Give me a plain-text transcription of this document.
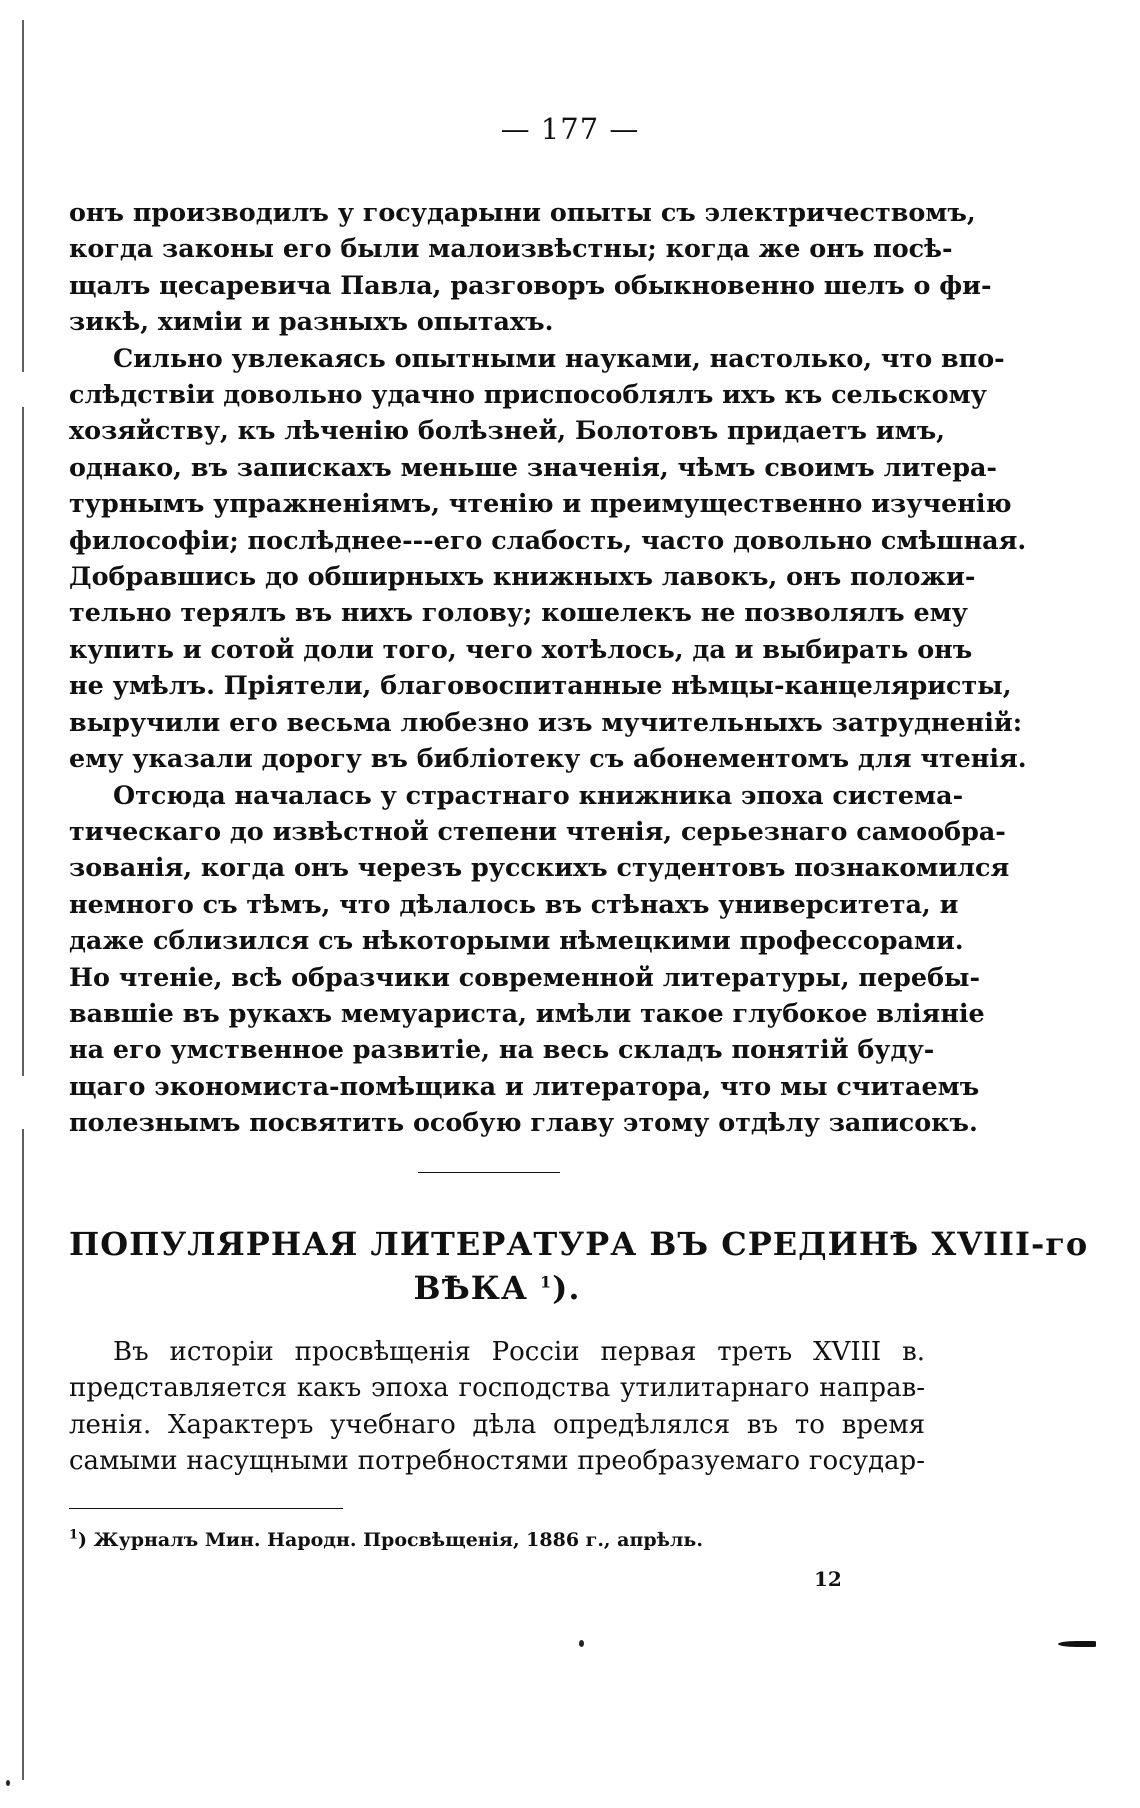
— 177 —
онъ производилъ у государыни опыты съ электричествомъ,
когда законы его были малоизвѣстны; когда же онъ посѣ-
щалъ цесаревича Павла, разговоръ обыкновенно шелъ о фи-
зикѣ, химіи и разныхъ опытахъ.
Сильно увлекаясь опытными науками, настолько, что впо-
слѣдствіи довольно удачно приспособлялъ ихъ къ сельскому
хозяйству, къ лѣченію болѣзней, Болотовъ придаетъ имъ,
однако, въ запискахъ меньше значенія, чѣмъ своимъ литера-
турнымъ упражненіямъ, чтенію и преимущественно изученію
философіи; послѣднее---его слабость, часто довольно смѣшная.
Добравшись до обширныхъ книжныхъ лавокъ, онъ положи-
тельно терялъ въ нихъ голову; кошелекъ не позволялъ ему
купить и сотой доли того, чего хотѣлось, да и выбирать онъ
не умѣлъ. Пріятели, благовоспитанные нѣмцы-канцеляристы,
выручили его весьма любезно изъ мучительныхъ затрудненій:
ему указали дорогу въ библіотеку съ абонементомъ для чтенія.
Отсюда началась у страстнаго книжника эпоха система-
тическаго до извѣстной степени чтенія, серьезнаго самообра-
зованія, когда онъ черезъ русскихъ студентовъ познакомился
немного съ тѣмъ, что дѣлалось въ стѣнахъ университета, и
даже сблизился съ нѣкоторыми нѣмецкими профессорами.
Но чтеніе, всѣ образчики современной литературы, перебы-
вавшіе въ рукахъ мемуариста, имѣли такое глубокое вліяніе
на его умственное развитіе, на весь складъ понятій буду-
щаго экономиста-помѣщика и литератора, что мы считаемъ
полезнымъ посвятить особую главу этому отдѣлу записокъ.
ПОПУЛЯРНАЯ ЛИТЕРАТУРА ВЪ СРЕДИНѢ XVIII-го
ВѢКА $^1$).
Въ исторіи просвѣщенія Россіи первая треть XVIII в.
представляется какъ эпоха господства утилитарнаго направ-
ленія. Характеръ учебнаго дѣла опредѣлялся въ то время
самыми насущными потребностями преобразуемаго государ-
$^1$) Журналъ Мин. Народн. Просвѣщенія, 1886 г., апрѣль.
12
